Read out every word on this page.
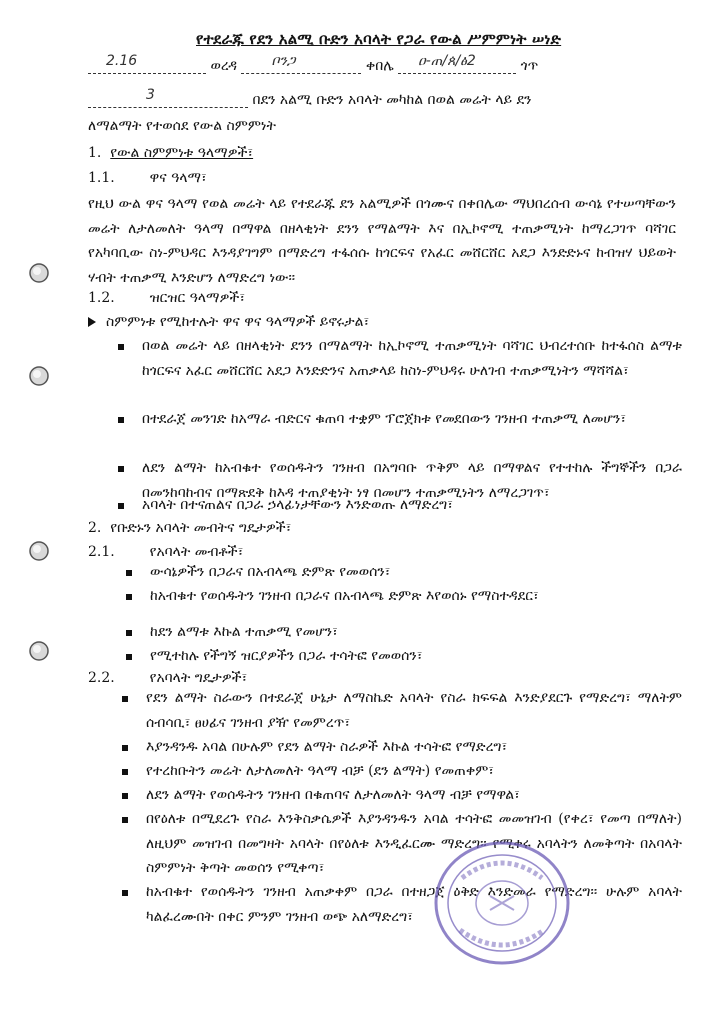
የተደራጁ የደን አልሚ ቡድን አባላት የጋራ የውል ሥምምነት ሠነድ
2.16	ወረዳ ቦንጋ	ቀበሌ ዐ-ጠ/ጰ/ፅ2	ጎጥ
3	በደን አልሚ ቡድን አባላት መካከል በወል መሬት ላይ ደን
ለማልማት የተወሰደ የውል ስምምነት
1. የውል ስምምነቱ ዓላማዎች፣
1.1. ዋና ዓላማ፣
የዚህ ውል ዋና ዓላማ የወል መሬት ላይ የተደራጁ ደን አልሚዎች በጎሙና በቀበሌው ማህበረሰብ ውሳኔ የተሠጣቸውን መሬት ለታለመለት ዓላማ በማዋል በዘላቂነት ደንን የማልማት እና በኢኮኖሚ ተጠቃሚነት ከማረጋገጥ ባሻገር የአካባቢው ስነ-ምህዳር እንዳያገግም በማድረግ ተፋሰሱ ከጎርፍና የአፈር መሸርሸር አደጋ እንድድኑና ከብዝሃ ህይወት ሃብት ተጠቃሚ እንድሆን ለማድረግ ነው፡፡
1.2. ዝርዝር ዓላማዎች፣
ስምምነቱ የሚከተሉት ዋና ዋና ዓላማዎች ይኖሩታል፣
በወል መሬት ላይ በዘላቂነት ደንን በማልማት ከኢኮኖሚ ተጠቃሚነት ባሻገር ህብረተሰቡ ከተፋሰስ ልማቱ ከጎርፍና አፈር መሸርሸር አደጋ እንድድንና አጠቃላይ ከስነ-ምህዳሩ ሁለገብ ተጠቃሚነትን ማሻሻል፣
በተደራጀ መንገድ ከአማራ ብድርና ቁጠባ ተቋም ፕሮጀክቱ የመደበውን ገንዘብ ተጠቃሚ ለመሆን፣
ለደን ልማት ከአብቁተ የወሰዱትን ገንዘብ በአግባቡ ጥቅም ላይ በማዋልና የተተከሉ ችግኞችን በጋራ በመንከባከብና በማጽደቅ ከእዳ ተጠያቂነት ነፃ በመሆን ተጠቃሚነትን ለማረጋገጥ፣
አባላት በተናጠልና በጋራ ኃላፊነታቸውን እንድወጡ ለማድረግ፣
2. የቡድኑን አባላት መብትና ግዴታዎች፣
2.1. የአባላት መብቶች፣
ውሳኔዎችን በጋራና በአብላጫ ድምጽ የመወሰን፣
ከአብቁተ የወሰዱትን ገንዘብ በጋራና በአብላጫ ድምጽ እየወሰኑ የማስተዳደር፣
ከደን ልማቱ እኩል ተጠቃሚ የመሆን፣
የሚተከሉ የችግኝ ዝርያዎችን በጋራ ተሳትፎ የመወሰን፣
2.2. የአባላት ግዴታዎች፣
የደን ልማት ስራውን በተደራጀ ሁኔታ ለማስኬድ አባላት የስራ ክፍፍል እንድያደርጉ የማድረግ፣ ማለትም ሰብሳቢ፣ ፀሀፊና ገንዘብ ያዥ የመምረጥ፣
እያንዳንዱ አባል በሁሉም የደን ልማት ስራዎች እኩል ተሳትፎ የማድረግ፣
የተረከቡትን መሬት ለታለመለት ዓላማ ብቻ (ደን ልማት) የመጠቀም፣
ለደን ልማት የወሰዱትን ገንዘብ በቁጠባና ለታለመለት ዓላማ ብቻ የማዋል፣
በየዕለቱ በሚደረጉ የስራ እንቅስቃሴዎች እያንዳንዱን አባል ተሳትፎ መመዝገብ (የቀረ፣ የመጣ በማለት) ለዚህም መዝገብ በመግዛት አባላት በየዕለቱ እንዲፈርሙ ማድረግ፡፡ የሚቀሩ አባላትን ለመቅጣት በአባላት ስምምነት ቅጣት መወሰን የሚቀጣ፣
ከአብቁተ የወሰዱትን ገንዘብ አጠቃቀም በጋራ በተዘጋጀ ዕቅድ እንድመራ የማድረግ፡፡ ሁሉም አባላት ካልፈረሙበት በቀር ምንም ገንዘብ ወጭ አለማድረግ፣
